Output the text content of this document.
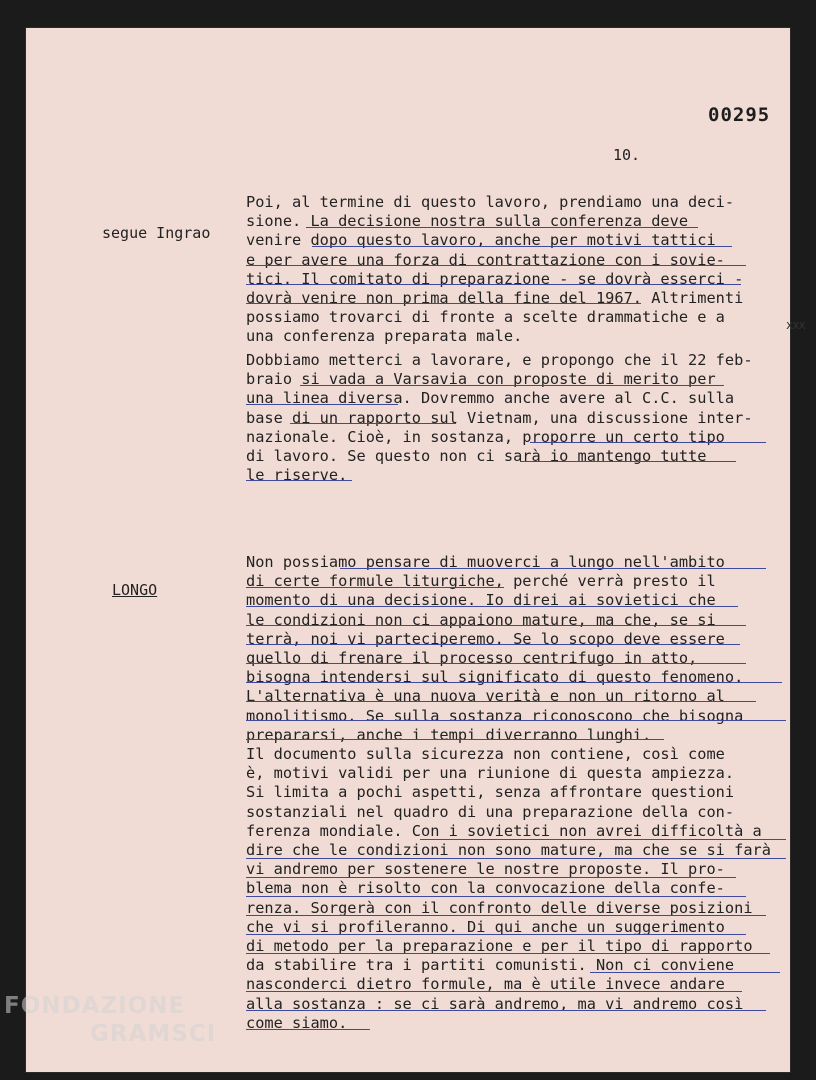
00295
10.
xxx
segue Ingrao
LONGO
Poi, al termine di questo lavoro, prendiamo una deci-
sione. La decisione nostra sulla conferenza deve
venire dopo questo lavoro, anche per motivi tattici
e per avere una forza di contrattazione con i sovie-
tici. Il comitato di preparazione - se dovrà esserci -
dovrà venire non prima della fine del 1967. Altrimenti
possiamo trovarci di fronte a scelte drammatiche e a
una conferenza preparata male.
Dobbiamo metterci a lavorare, e propongo che il 22 feb-
braio si vada a Varsavia con proposte di merito per
una linea diversa. Dovremmo anche avere al C.C. sulla
base di un rapporto sul Vietnam, una discussione inter-
nazionale. Cioè, in sostanza, proporre un certo tipo
di lavoro. Se questo non ci sarà io mantengo tutte
le riserve.
Non possiamo pensare di muoverci a lungo nell'ambito
di certe formule liturgiche, perché verrà presto il
momento di una decisione. Io direi ai sovietici che
le condizioni non ci appaiono mature, ma che, se si
terrà, noi vi parteciperemo. Se lo scopo deve essere
quello di frenare il processo centrifugo in atto,
bisogna intendersi sul significato di questo fenomeno.
L'alternativa è una nuova verità e non un ritorno al
monolitismo. Se sulla sostanza riconoscono che bisogna
prepararsi, anche i tempi diverranno lunghi.
Il documento sulla sicurezza non contiene, così come
è, motivi validi per una riunione di questa ampiezza.
Si limita a pochi aspetti, senza affrontare questioni
sostanziali nel quadro di una preparazione della con-
ferenza mondiale. Con i sovietici non avrei difficoltà a
dire che le condizioni non sono mature, ma che se si farà
vi andremo per sostenere le nostre proposte. Il pro-
blema non è risolto con la convocazione della confe-
renza. Sorgerà con il confronto delle diverse posizioni
che vi si profileranno. Di qui anche un suggerimento
di metodo per la preparazione e per il tipo di rapporto
da stabilire tra i partiti comunisti. Non ci conviene
nasconderci dietro formule, ma è utile invece andare
alla sostanza : se ci sarà andremo, ma vi andremo così
come siamo.
FONDAZIONE
GRAMSCI
